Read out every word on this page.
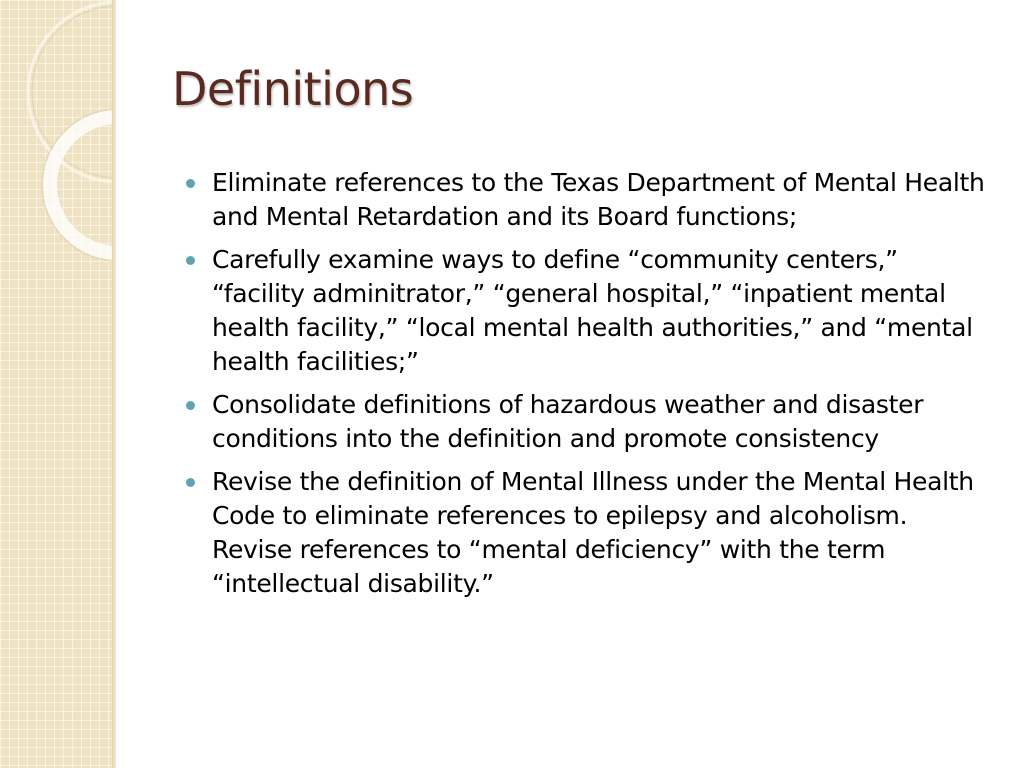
Definitions
Eliminate references to the Texas Department of Mental Health and Mental Retardation and its Board functions;
Carefully examine ways to define “community centers,” “facility adminitrator,” “general hospital,” “inpatient mental health facility,” “local mental health authorities,” and “mental health facilities;”
Consolidate definitions of hazardous weather and disaster conditions into the definition and promote consistency
Revise the definition of Mental Illness under the Mental Health Code to eliminate references to epilepsy and alcoholism. Revise references to “mental deficiency” with the term “intellectual disability.”
